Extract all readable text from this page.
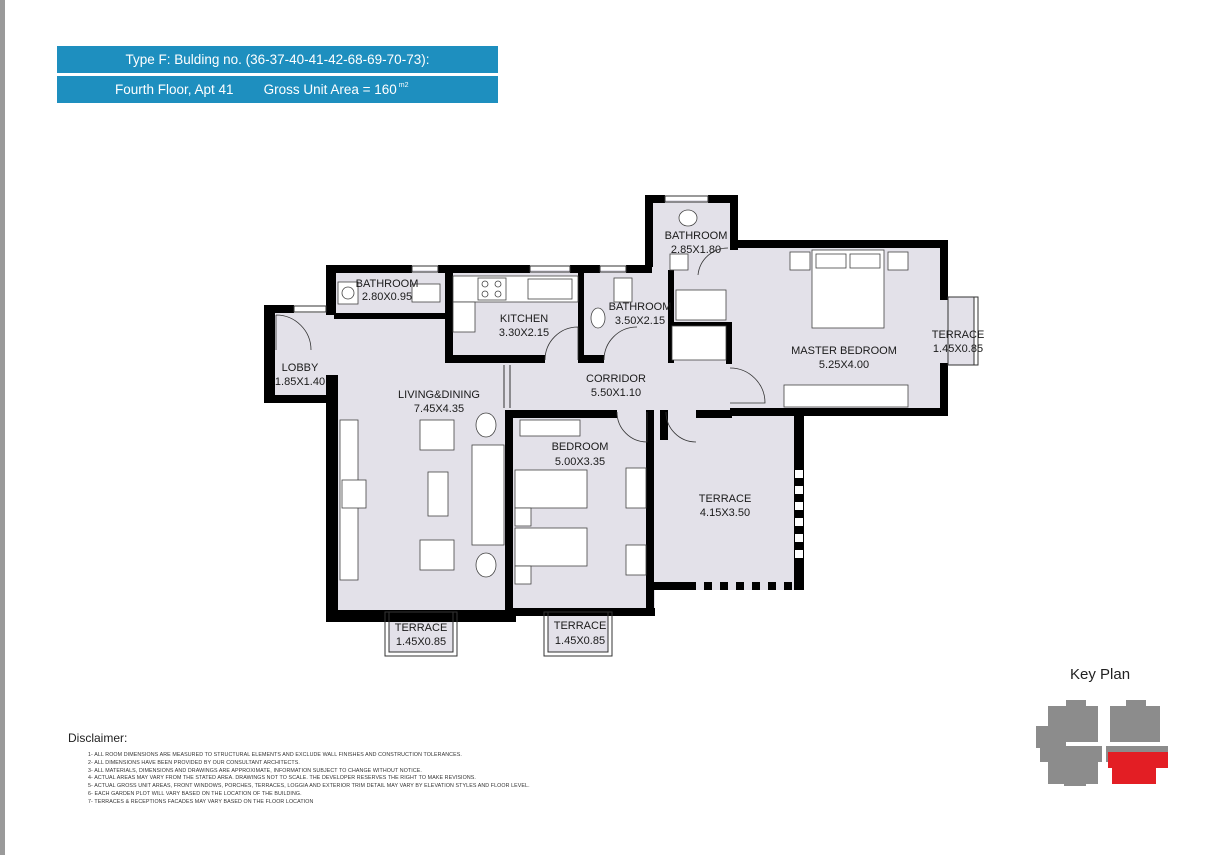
Type F: Bulding no. (36-37-40-41-42-68-69-70-73):
Fourth Floor, Apt 41 Gross Unit Area = 160 $^{m2}$
BATHROOM
2.80X0.95
KITCHEN
3.30X2.15
BATHROOM
3.50X2.15
BATHROOM
2.85X1.80
MASTER BEDROOM
5.25X4.00
TERRACE
1.45X0.85
LOBBY
1.85X1.40
LIVING&DINING
7.45X4.35
CORRIDOR
5.50X1.10
BEDROOM
5.00X3.35
TERRACE
4.15X3.50
TERRACE
1.45X0.85
TERRACE
1.45X0.85
Key Plan
Disclaimer:
1- ALL ROOM DIMENSIONS ARE MEASURED TO STRUCTURAL ELEMENTS AND EXCLUDE WALL FINISHES AND CONSTRUCTION TOLERANCES.
2- ALL DIMENSIONS HAVE BEEN PROVIDED BY OUR CONSULTANT ARCHITECTS.
3- ALL MATERIALS, DIMENSIONS AND DRAWINGS ARE APPROXIMATE, INFORMATION SUBJECT TO CHANGE WITHOUT NOTICE.
4- ACTUAL AREAS MAY VARY FROM THE STATED AREA. DRAWINGS NOT TO SCALE. THE DEVELOPER RESERVES THE RIGHT TO MAKE REVISIONS.
5- ACTUAL GROSS UNIT AREAS, FRONT WINDOWS, PORCHES, TERRACES, LOGGIA AND EXTERIOR TRIM DETAIL MAY VARY BY ELEVATION STYLES AND FLOOR LEVEL.
6- EACH GARDEN PLOT WILL VARY BASED ON THE LOCATION OF THE BUILDING.
7- TERRACES & RECEPTIONS FACADES MAY VARY BASED ON THE FLOOR LOCATION
